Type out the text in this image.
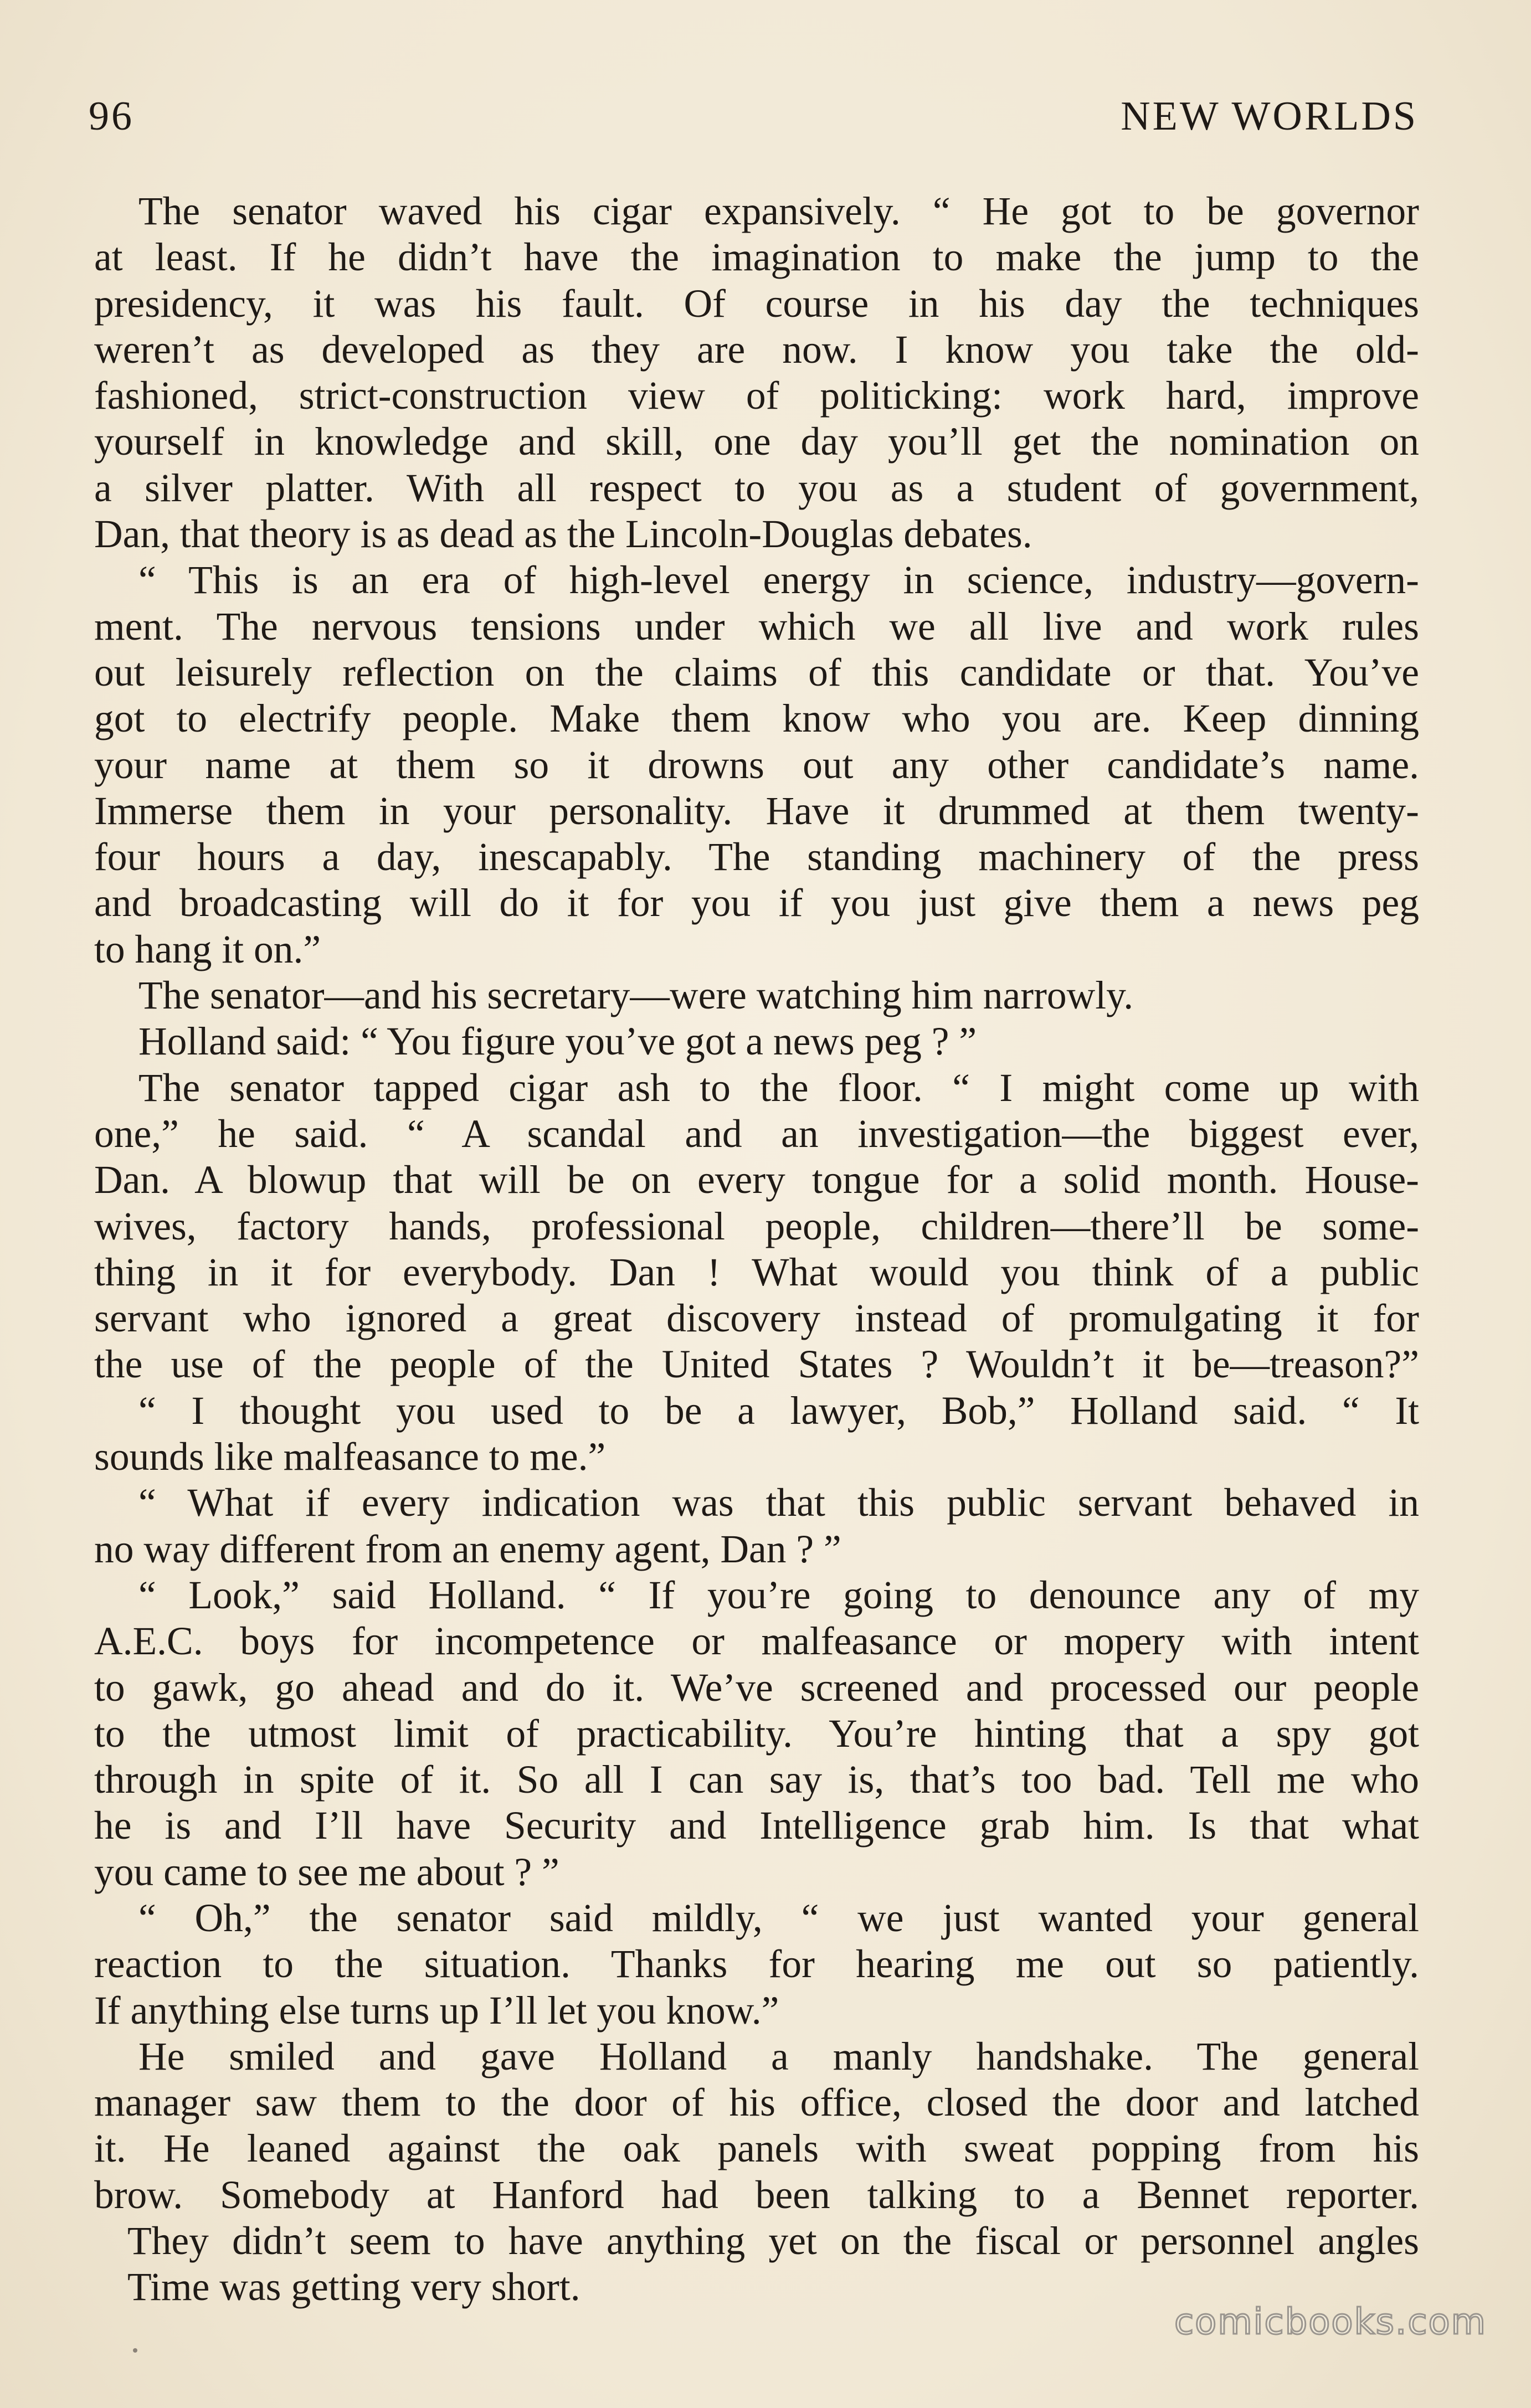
96	NEW WORLDS
The senator waved his cigar expansively. “ He got to be governor
at least. If he didn’t have the imagination to make the jump to the
presidency, it was his fault. Of course in his day the techniques
weren’t as developed as they are now. I know you take the old-
fashioned, strict-construction view of politicking: work hard, improve
yourself in knowledge and skill, one day you’ll get the nomination on
a silver platter. With all respect to you as a student of government,
Dan, that theory is as dead as the Lincoln-Douglas debates.
“ This is an era of high-level energy in science, industry—govern-
ment. The nervous tensions under which we all live and work rules
out leisurely reflection on the claims of this candidate or that. You’ve
got to electrify people. Make them know who you are. Keep dinning
your name at them so it drowns out any other candidate’s name.
Immerse them in your personality. Have it drummed at them twenty-
four hours a day, inescapably. The standing machinery of the press
and broadcasting will do it for you if you just give them a news peg
to hang it on.”
The senator—and his secretary—were watching him narrowly.
Holland said: “ You figure you’ve got a news peg ? ”
The senator tapped cigar ash to the floor. “ I might come up with
one,” he said. “ A scandal and an investigation—the biggest ever,
Dan. A blowup that will be on every tongue for a solid month. House-
wives, factory hands, professional people, children—there’ll be some-
thing in it for everybody. Dan ! What would you think of a public
servant who ignored a great discovery instead of promulgating it for
the use of the people of the United States ? Wouldn’t it be—treason?”
“ I thought you used to be a lawyer, Bob,” Holland said. “ It
sounds like malfeasance to me.”
“ What if every indication was that this public servant behaved in
no way different from an enemy agent, Dan ? ”
“ Look,” said Holland. “ If you’re going to denounce any of my
A.E.C. boys for incompetence or malfeasance or mopery with intent
to gawk, go ahead and do it. We’ve screened and processed our people
to the utmost limit of practicability. You’re hinting that a spy got
through in spite of it. So all I can say is, that’s too bad. Tell me who
he is and I’ll have Security and Intelligence grab him. Is that what
you came to see me about ? ”
“ Oh,” the senator said mildly, “ we just wanted your general
reaction to the situation. Thanks for hearing me out so patiently.
If anything else turns up I’ll let you know.”
He smiled and gave Holland a manly handshake. The general
manager saw them to the door of his office, closed the door and latched
it. He leaned against the oak panels with sweat popping from his
brow. Somebody at Hanford had been talking to a Bennet reporter.
They didn’t seem to have anything yet on the fiscal or personnel angles
Time was getting very short.
comicbooks.com
